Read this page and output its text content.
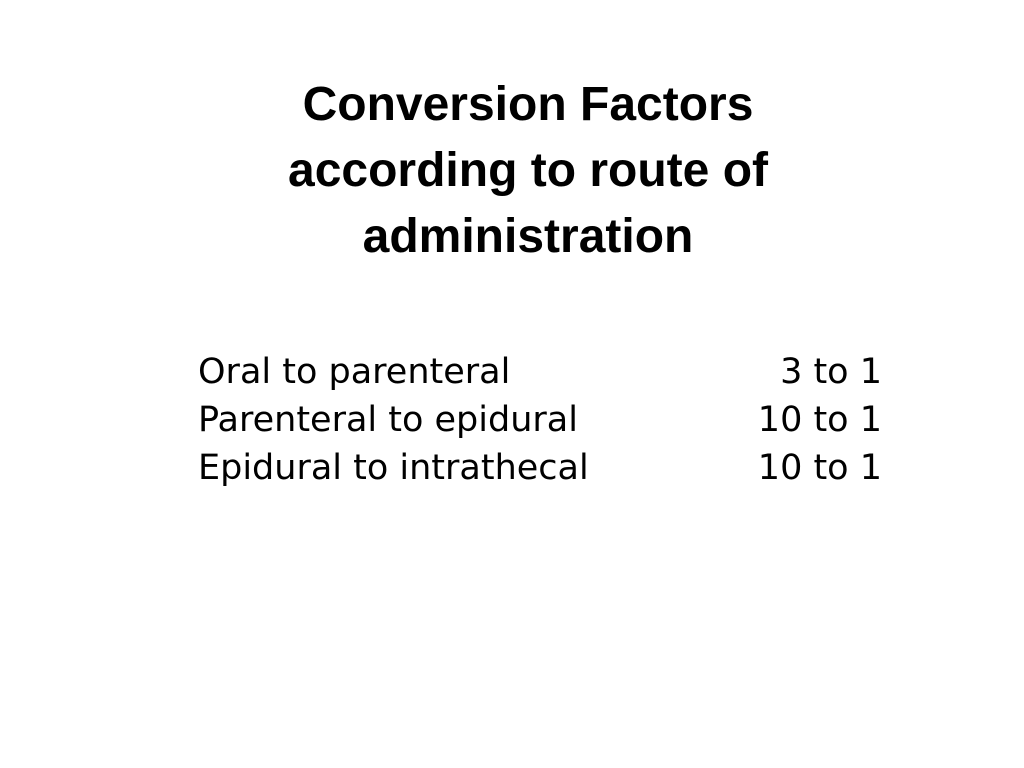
Conversion Factors
according to route of
administration
Oral to parenteral	3 to 1
Parenteral to epidural	10 to 1
Epidural to intrathecal	10 to 1
